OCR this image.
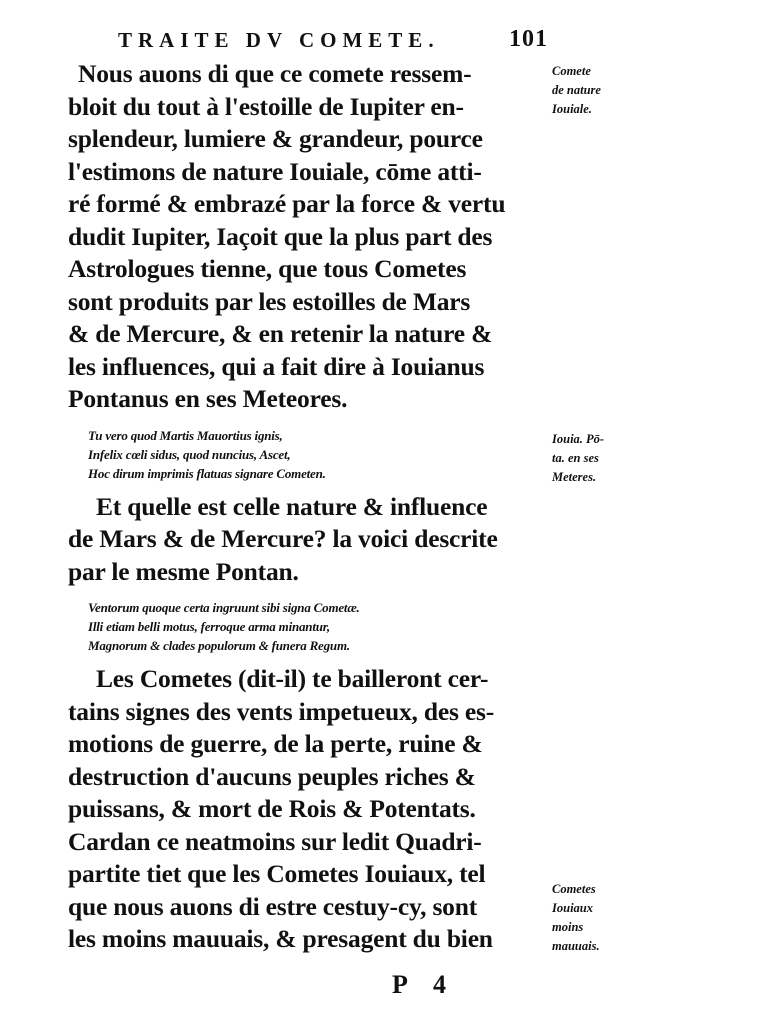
TRAITE DV COMETE.	101
Nous auons di que ce comete ressem-
bloit du tout à l'estoille de Iupiter en-
splendeur, lumiere & grandeur, pource
l'estimons de nature Iouiale, cōme atti-
ré formé & embrazé par la force & vertu
dudit Iupiter, Iaçoit que la plus part des
Astrologues tienne, que tous Cometes
sont produits par les estoilles de Mars
& de Mercure, & en retenir la nature &
les influences, qui a fait dire à Iouianus
Pontanus en ses Meteores.
Tu vero quod Martis Mauortius ignis,
Infelix cœli sidus, quod nuncius, Ascet,
Hoc dirum imprimis flatuas signare Cometen.
Et quelle est celle nature & influence
de Mars & de Mercure? la voici descrite
par le mesme Pontan.
Ventorum quoque certa ingruunt sibi signa Cometæ.
Illi etiam belli motus, ferroque arma minantur,
Magnorum & clades populorum & funera Regum.
Les Cometes (dit-il) te bailleront cer-
tains signes des vents impetueux, des es-
motions de guerre, de la perte, ruine &
destruction d'aucuns peuples riches &
puissans, & mort de Rois & Potentats.
Cardan ce neatmoins sur ledit Quadri-
partite tiet que les Cometes Iouiaux, tel
que nous auons di estre cestuy-cy, sont
les moins mauuais, & presagent du bien
Comete
de nature
Iouiale.
Iouia. Pō-
ta. en ses
Meteres.
Cometes
Iouiaux
moins
mauuais.
P 4
